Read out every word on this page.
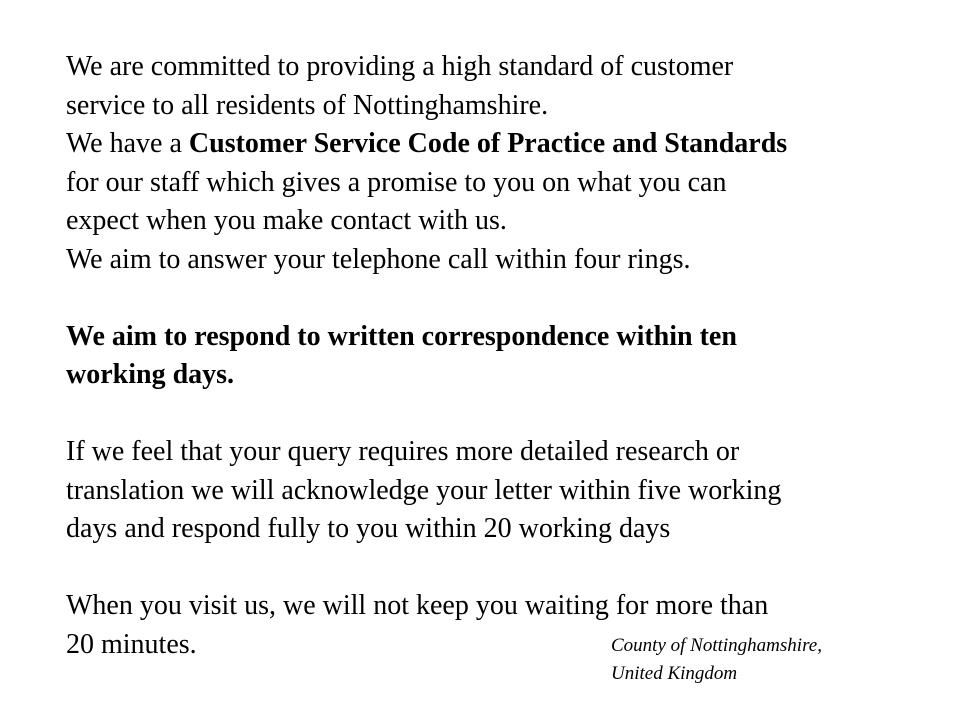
We are committed to providing a high standard of customer
service to all residents of Nottinghamshire.

We have a Customer Service Code of Practice and Standards
for our staff which gives a promise to you on what you can
expect when you make contact with us.

We aim to answer your telephone call within four rings.

We aim to respond to written correspondence within ten
working days.

If we feel that your query requires more detailed research or
translation we will acknowledge your letter within five working
days and respond fully to you within 20 working days

When you visit us, we will not keep you waiting for more than
20 minutes.	County of Nottinghamshire,
United Kingdom
